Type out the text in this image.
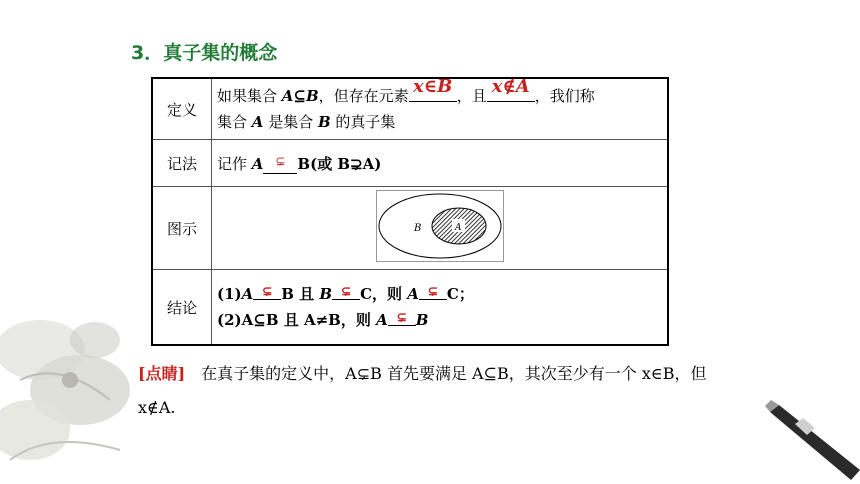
3．真子集的概念
定义	如果集合 A⊆B，但存在元素 x∈B ，且 x∉A ，我们称
集合 A 是集合 B 的真子集

记法	记作 A ⊊ B(或 B⊋A)
图示	B A

结论	(1)A ⊊ B 且 B ⊊ C，则 A ⊊ C；
(2)A⊆B 且 A≠B，则 A ⊊ B
[点睛]　在真子集的定义中，A⊊B 首先要满足 A⊆B，其次至少有一个 x∈B，但 x∉A.
